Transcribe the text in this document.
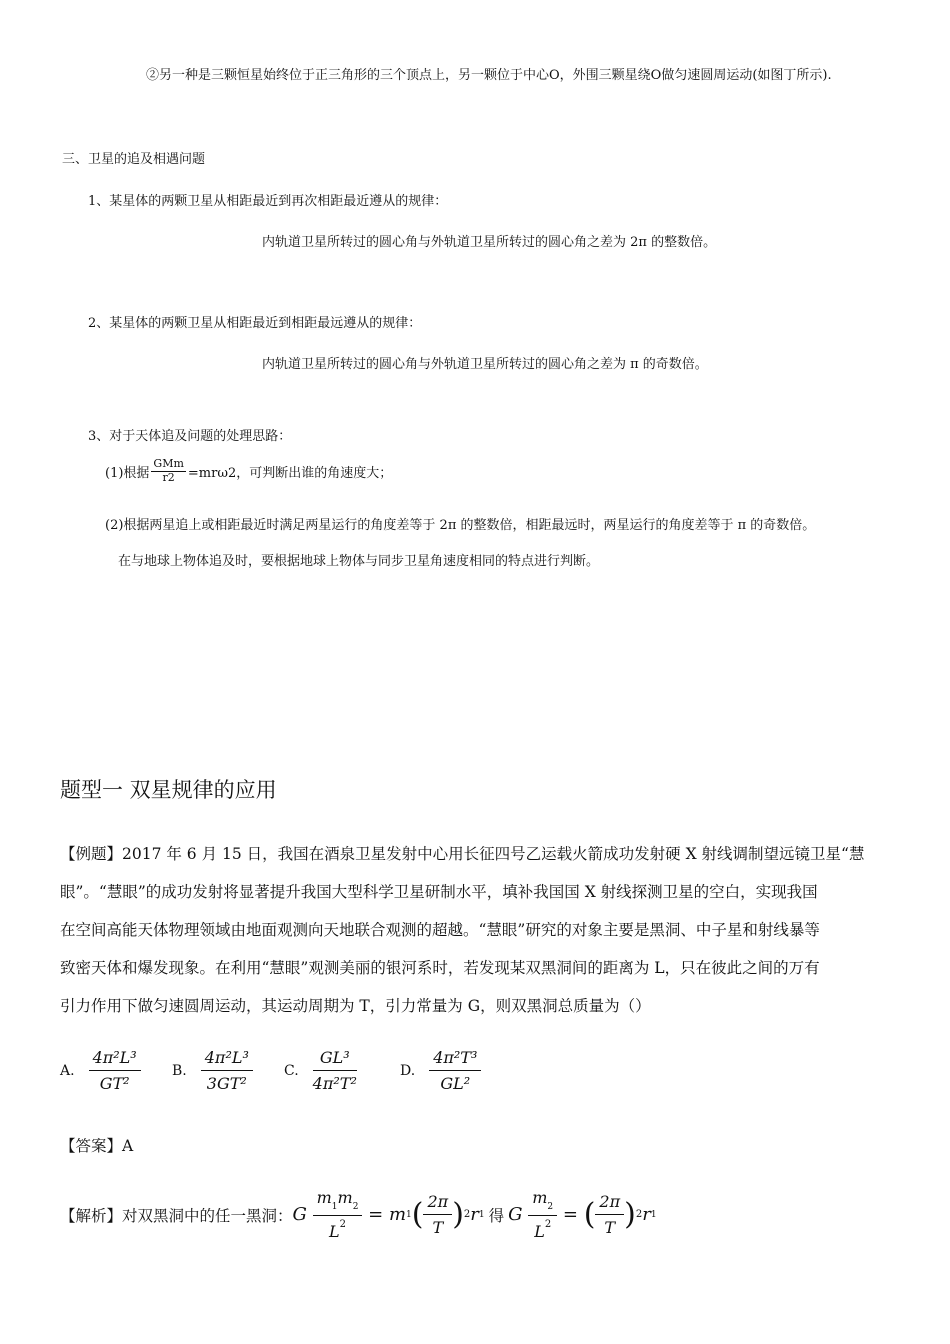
②另一种是三颗恒星始终位于正三角形的三个顶点上，另一颗位于中心O，外围三颗星绕O做匀速圆周运动(如图丁所示).
三、卫星的追及相遇问题
1、某星体的两颗卫星从相距最近到再次相距最近遵从的规律：
内轨道卫星所转过的圆心角与外轨道卫星所转过的圆心角之差为 2π 的整数倍。
2、某星体的两颗卫星从相距最近到相距最远遵从的规律：
内轨道卫星所转过的圆心角与外轨道卫星所转过的圆心角之差为 π 的奇数倍。
3、对于天体追及问题的处理思路：
(1)根据 $\frac{\text{GMm}}{r2} =mr\omega 2$，可判断出谁的角速度大；
(2)根据两星追上或相距最近时满足两星运行的角度差等于 2π 的整数倍，相距最远时，两星运行的角度差等于 π 的奇数倍。
在与地球上物体追及时，要根据地球上物体与同步卫星角速度相同的特点进行判断。
题型一 双星规律的应用
【例题】2017 年 6 月 15 日，我国在酒泉卫星发射中心用长征四号乙运载火箭成功发射硬 X 射线调制望远镜卫星“慧
眼”。“慧眼”的成功发射将显著提升我国大型科学卫星研制水平，填补我国国 X 射线探测卫星的空白，实现我国
在空间高能天体物理领域由地面观测向天地联合观测的超越。“慧眼”研究的对象主要是黑洞、中子星和射线暴等
致密天体和爆发现象。在利用“慧眼”观测美丽的银河系时，若发现某双黑洞间的距离为 L，只在彼此之间的万有
引力作用下做匀速圆周运动，其运动周期为 T，引力常量为 G，则双黑洞总质量为（）
A. $\frac{\text{4π²L³}}{\text{GT²}} B$. $\frac{\text{4π²L³}}{\text{3GT²}} C$. $\frac{\text{GL³}}{\text{4π²T²}}$	D. $\frac{\text{4π²T³}}{\text{GL²}}$
【答案】A
【解析】对双黑洞中的任一黑洞： G $\frac{m_1m_2}{L^2} = m$ 1 ( $\frac{2\pi}{T}$ ) 2 r 1 得 G $\frac{m_2}{L^2}$ = ( $\frac{2\pi}{T}$ ) 2 r 1
